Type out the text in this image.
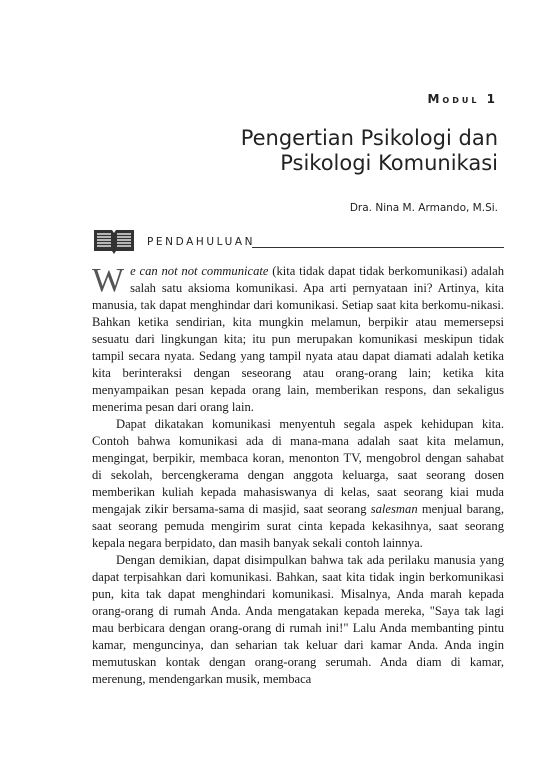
Modul 1
Pengertian Psikologi dan
Psikologi Komunikasi
Dra. Nina M. Armando, M.Si.
PENDAHULUAN

We can not not communicate (kita tidak dapat tidak berkomunikasi) adalah salah satu aksioma komunikasi. Apa arti pernyataan ini? Artinya, kita manusia, tak dapat menghindar dari komunikasi. Setiap saat kita berkomu-nikasi. Bahkan ketika sendirian, kita mungkin melamun, berpikir atau memersepsi sesuatu dari lingkungan kita; itu pun merupakan komunikasi meskipun tidak tampil secara nyata. Sedang yang tampil nyata atau dapat diamati adalah ketika kita berinteraksi dengan seseorang atau orang-orang lain; ketika kita menyampaikan pesan kepada orang lain, memberikan respons, dan sekaligus menerima pesan dari orang lain.

Dapat dikatakan komunikasi menyentuh segala aspek kehidupan kita. Contoh bahwa komunikasi ada di mana-mana adalah saat kita melamun, mengingat, berpikir, membaca koran, menonton TV, mengobrol dengan sahabat di sekolah, bercengkerama dengan anggota keluarga, saat seorang dosen memberikan kuliah kepada mahasiswanya di kelas, saat seorang kiai muda mengajak zikir bersama-sama di masjid, saat seorang salesman menjual barang, saat seorang pemuda mengirim surat cinta kepada kekasihnya, saat seorang kepala negara berpidato, dan masih banyak sekali contoh lainnya.

Dengan demikian, dapat disimpulkan bahwa tak ada perilaku manusia yang dapat terpisahkan dari komunikasi. Bahkan, saat kita tidak ingin berkomunikasi pun, kita tak dapat menghindari komunikasi. Misalnya, Anda marah kepada orang-orang di rumah Anda. Anda mengatakan kepada mereka, "Saya tak lagi mau berbicara dengan orang-orang di rumah ini!" Lalu Anda membanting pintu kamar, menguncinya, dan seharian tak keluar dari kamar Anda. Anda ingin memutuskan kontak dengan orang-orang serumah. Anda diam di kamar, merenung, mendengarkan musik, membaca
